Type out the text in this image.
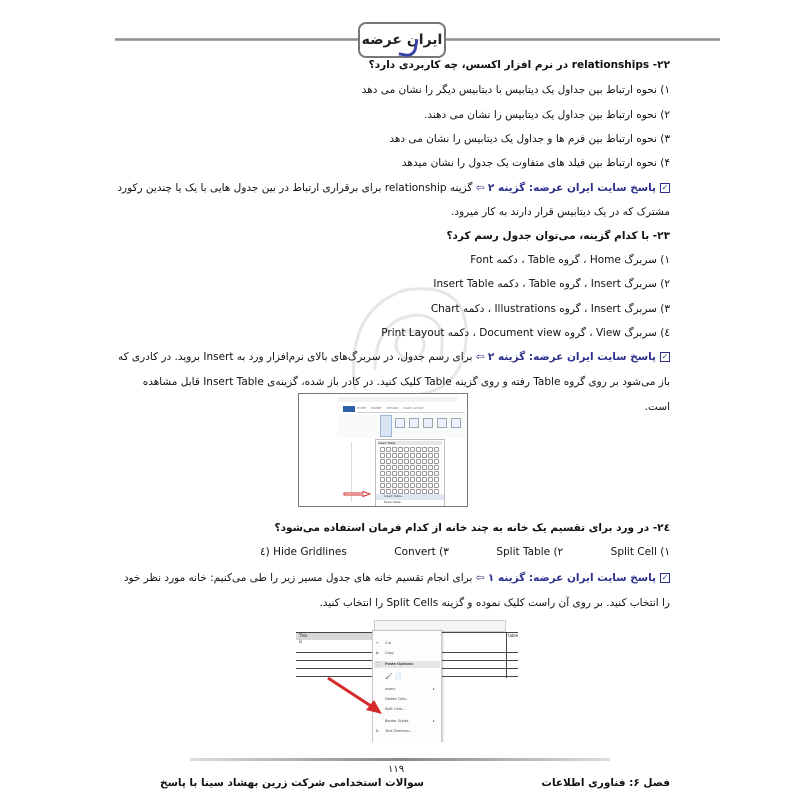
ایران عرضه
۲۲- relationships در نرم افزار اکسس، چه کاربردی دارد؟
۱) نحوه ارتباط بین جداول یک دیتابیس با دیتابیس دیگر را نشان می دهد
۲) نحوه ارتباط بین جداول یک دیتابیس را نشان می دهند.
۳) نحوه ارتباط بین فرم ها و جداول یک دیتابیس را نشان می دهد
۴) نحوه ارتباط بین فیلد های متفاوت یک جدول را نشان میدهد
✓پاسخ سایت ایران عرضه: گزینه ۲ ⇦ گزینه relationship برای برقراری ارتباط در بین جدول هایی با یک یا چندین رکورد
مشترک که در یک دیتابیس قرار دارند به کار میرود.
۲۳- با کدام گزینه، می‌توان جدول رسم کرد؟
۱) سربرگ Home ، گروه Table ، دکمه Font
۲) سربرگ Insert ، گروه Table ، دکمه Insert Table
۳) سربرگ Insert ، گروه Illustrations ، دکمه Chart
٤) سربرگ View ، گروه Document view ، دکمه Print Layout
✓پاسخ سایت ایران عرضه: گزینه ۲ ⇦ برای رسم جدول، در سربرگ‌های بالای نرم‌افزار ورد به Insert بروید. در کادری که
باز می‌شود بر روی گروه Table رفته و روی گزینه Table کلیک کنید. در کادر باز شده، گزینه‌ی Insert Table قابل مشاهده
است.
HOME INSERT DESIGN PAGE LAYOUT
Insert Table
Insert Table...
Draw Table
۲٤- در ورد برای تقسیم یک خانه به چند خانه از کدام فرمان استفاده می‌شود؟
Split Cell (۱
Split Table (۲
Convert (۳
Hide Gridlines (٤
✓پاسخ سایت ایران عرضه: گزینه ۱ ⇦ برای انجام تقسیم خانه های جدول مسیر زیر را طی می‌کنیم: خانه مورد نظر خود
را انتخاب کنید. بر روی آن راست کلیک نموده و گزینه Split Cells را انتخاب کنید.
This
is
table
✂ Cut
⧉ Copy
📋 Paste Options:
🖌 📄
Insert	▸
Delete Cells...
Split Cells...
Border Styles	▸
⇅ Text Direction...
۱۱۹
فصل ۶: فناوری اطلاعات
سوالات استخدامی شرکت زرین بهشاد سینا با پاسخ
